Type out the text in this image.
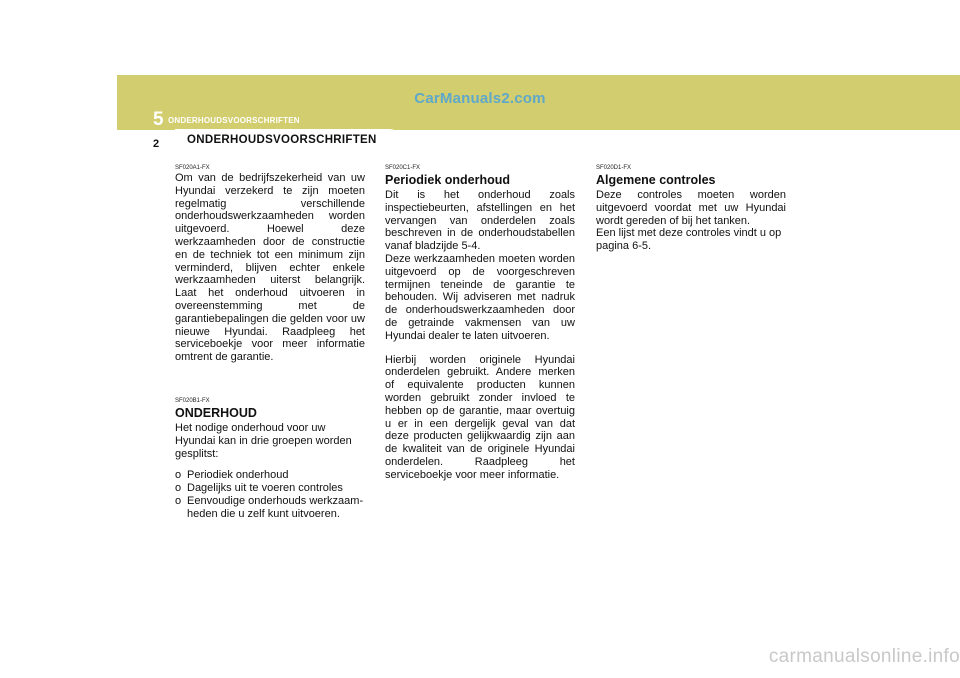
CarManuals2.com
5 ONDERHOUDSVOORSCHRIFTEN
2 ONDERHOUDSVOORSCHRIFTEN

SF020A1-FX

Om van de bedrijfszekerheid van uw Hyundai verzekerd te zijn moeten regelmatig verschillende onderhoudswerkzaamheden worden uitgevoerd. Hoewel deze werkzaamheden door de constructie en de techniek tot een minimum zijn verminderd, blijven echter enkele werkzaamheden uiterst belangrijk. Laat het onderhoud uitvoeren in overeenstemming met de garantiebepalingen die gelden voor uw nieuwe Hyundai. Raadpleeg het serviceboekje voor meer informatie omtrent de garantie.

SF020B1-FX

ONDERHOUD

Het nodige onderhoud voor uw Hyundai kan in drie groepen worden gesplitst:

o Periodiek onderhoud
o Dagelijks uit te voeren controles
o Eenvoudige onderhouds werkzaam-heden die u zelf kunt uitvoeren.

SF020C1-FX

Periodiek onderhoud

Dit is het onderhoud zoals inspectiebeurten, afstellingen en het vervangen van onderdelen zoals beschreven in de onderhoudstabellen vanaf bladzijde 5-4.

Deze werkzaamheden moeten worden uitgevoerd op de voorgeschreven termijnen teneinde de garantie te behouden. Wij adviseren met nadruk de onderhoudswerkzaamheden door de getrainde vakmensen van uw Hyundai dealer te laten uitvoeren.

Hierbij worden originele Hyundai onderdelen gebruikt. Andere merken of equivalente producten kunnen worden gebruikt zonder invloed te hebben op de garantie, maar overtuig u er in een dergelijk geval van dat deze producten gelijkwaardig zijn aan de kwaliteit van de originele Hyundai onderdelen. Raadpleeg het serviceboekje voor meer informatie.

SF020D1-FX

Algemene controles

Deze controles moeten worden uitgevoerd voordat met uw Hyundai wordt gereden of bij het tanken.

Een lijst met deze controles vindt u op pagina 6-5.

carmanualsonline.info
